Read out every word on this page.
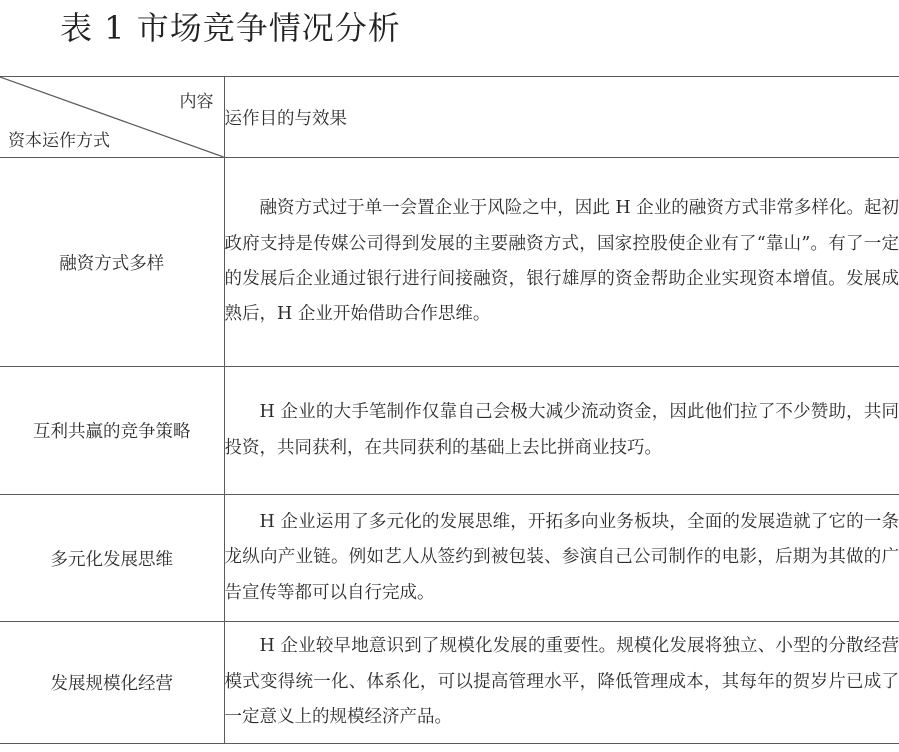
表 1 市场竞争情况分析
内容
资本运作方式	运作目的与效果
融资方式多样	融资方式过于单一会置企业于风险之中，因此 H 企业的融资方式非常多样化。起初政府支持是传媒公司得到发展的主要融资方式，国家控股使企业有了“靠山”。有了一定的发展后企业通过银行进行间接融资，银行雄厚的资金帮助企业实现资本增值。发展成熟后，H 企业开始借助合作思维。
互利共赢的竞争策略	H 企业的大手笔制作仅靠自己会极大减少流动资金，因此他们拉了不少赞助，共同投资，共同获利，在共同获利的基础上去比拼商业技巧。
多元化发展思维	H 企业运用了多元化的发展思维，开拓多向业务板块，全面的发展造就了它的一条龙纵向产业链。例如艺人从签约到被包装、参演自己公司制作的电影，后期为其做的广告宣传等都可以自行完成。
发展规模化经营	H 企业较早地意识到了规模化发展的重要性。规模化发展将独立、小型的分散经营模式变得统一化、体系化，可以提高管理水平，降低管理成本，其每年的贺岁片已成了一定意义上的规模经济产品。
